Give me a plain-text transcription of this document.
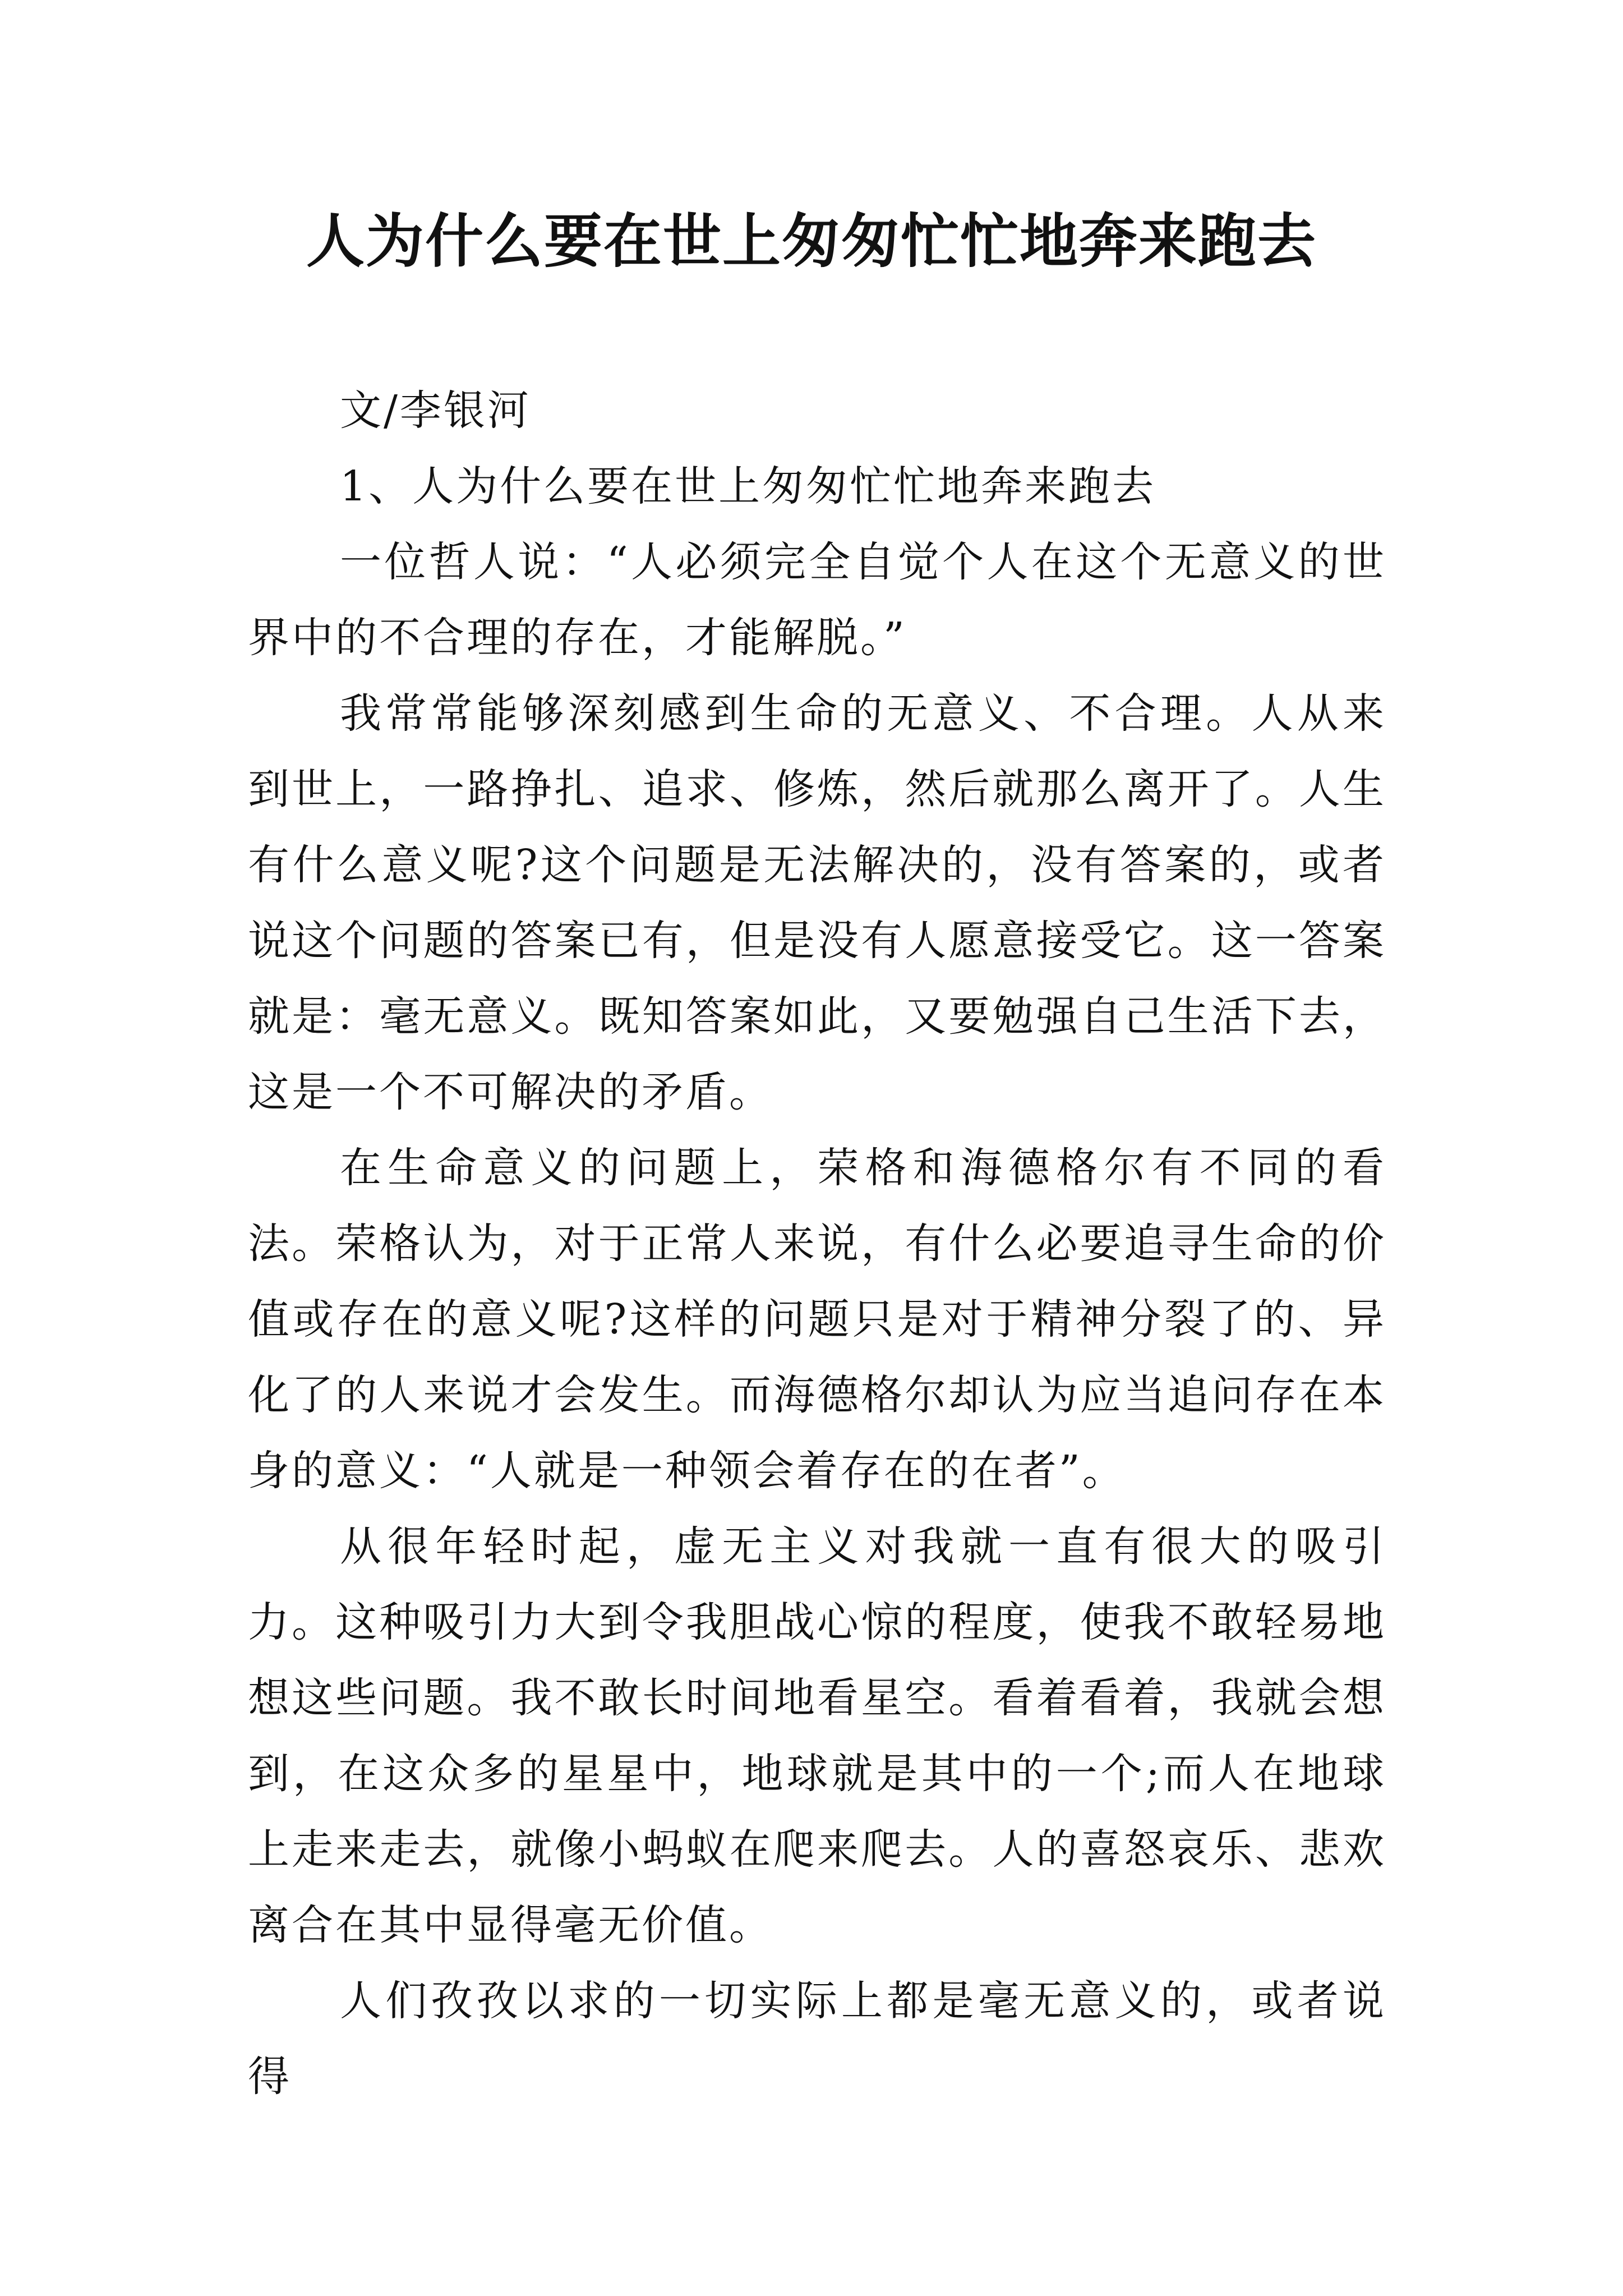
人为什么要在世上匆匆忙忙地奔来跑去

文/李银河

1、人为什么要在世上匆匆忙忙地奔来跑去

一位哲人说：“人必须完全自觉个人在这个无意义的世界中的不合理的存在，才能解脱。”

我常常能够深刻感到生命的无意义、不合理。人从来到世上，一路挣扎、追求、修炼，然后就那么离开了。人生有什么意义呢?这个问题是无法解决的，没有答案的，或者说这个问题的答案已有，但是没有人愿意接受它。这一答案就是：毫无意义。既知答案如此，又要勉强自己生活下去，这是一个不可解决的矛盾。

在生命意义的问题上，荣格和海德格尔有不同的看法。荣格认为，对于正常人来说，有什么必要追寻生命的价值或存在的意义呢?这样的问题只是对于精神分裂了的、异化了的人来说才会发生。而海德格尔却认为应当追问存在本身的意义：“人就是一种领会着存在的在者”。

从很年轻时起，虚无主义对我就一直有很大的吸引力。这种吸引力大到令我胆战心惊的程度，使我不敢轻易地想这些问题。我不敢长时间地看星空。看着看着，我就会想到，在这众多的星星中，地球就是其中的一个;而人在地球上走来走去，就像小蚂蚁在爬来爬去。人的喜怒哀乐、悲欢离合在其中显得毫无价值。

人们孜孜以求的一切实际上都是毫无意义的，或者说得
